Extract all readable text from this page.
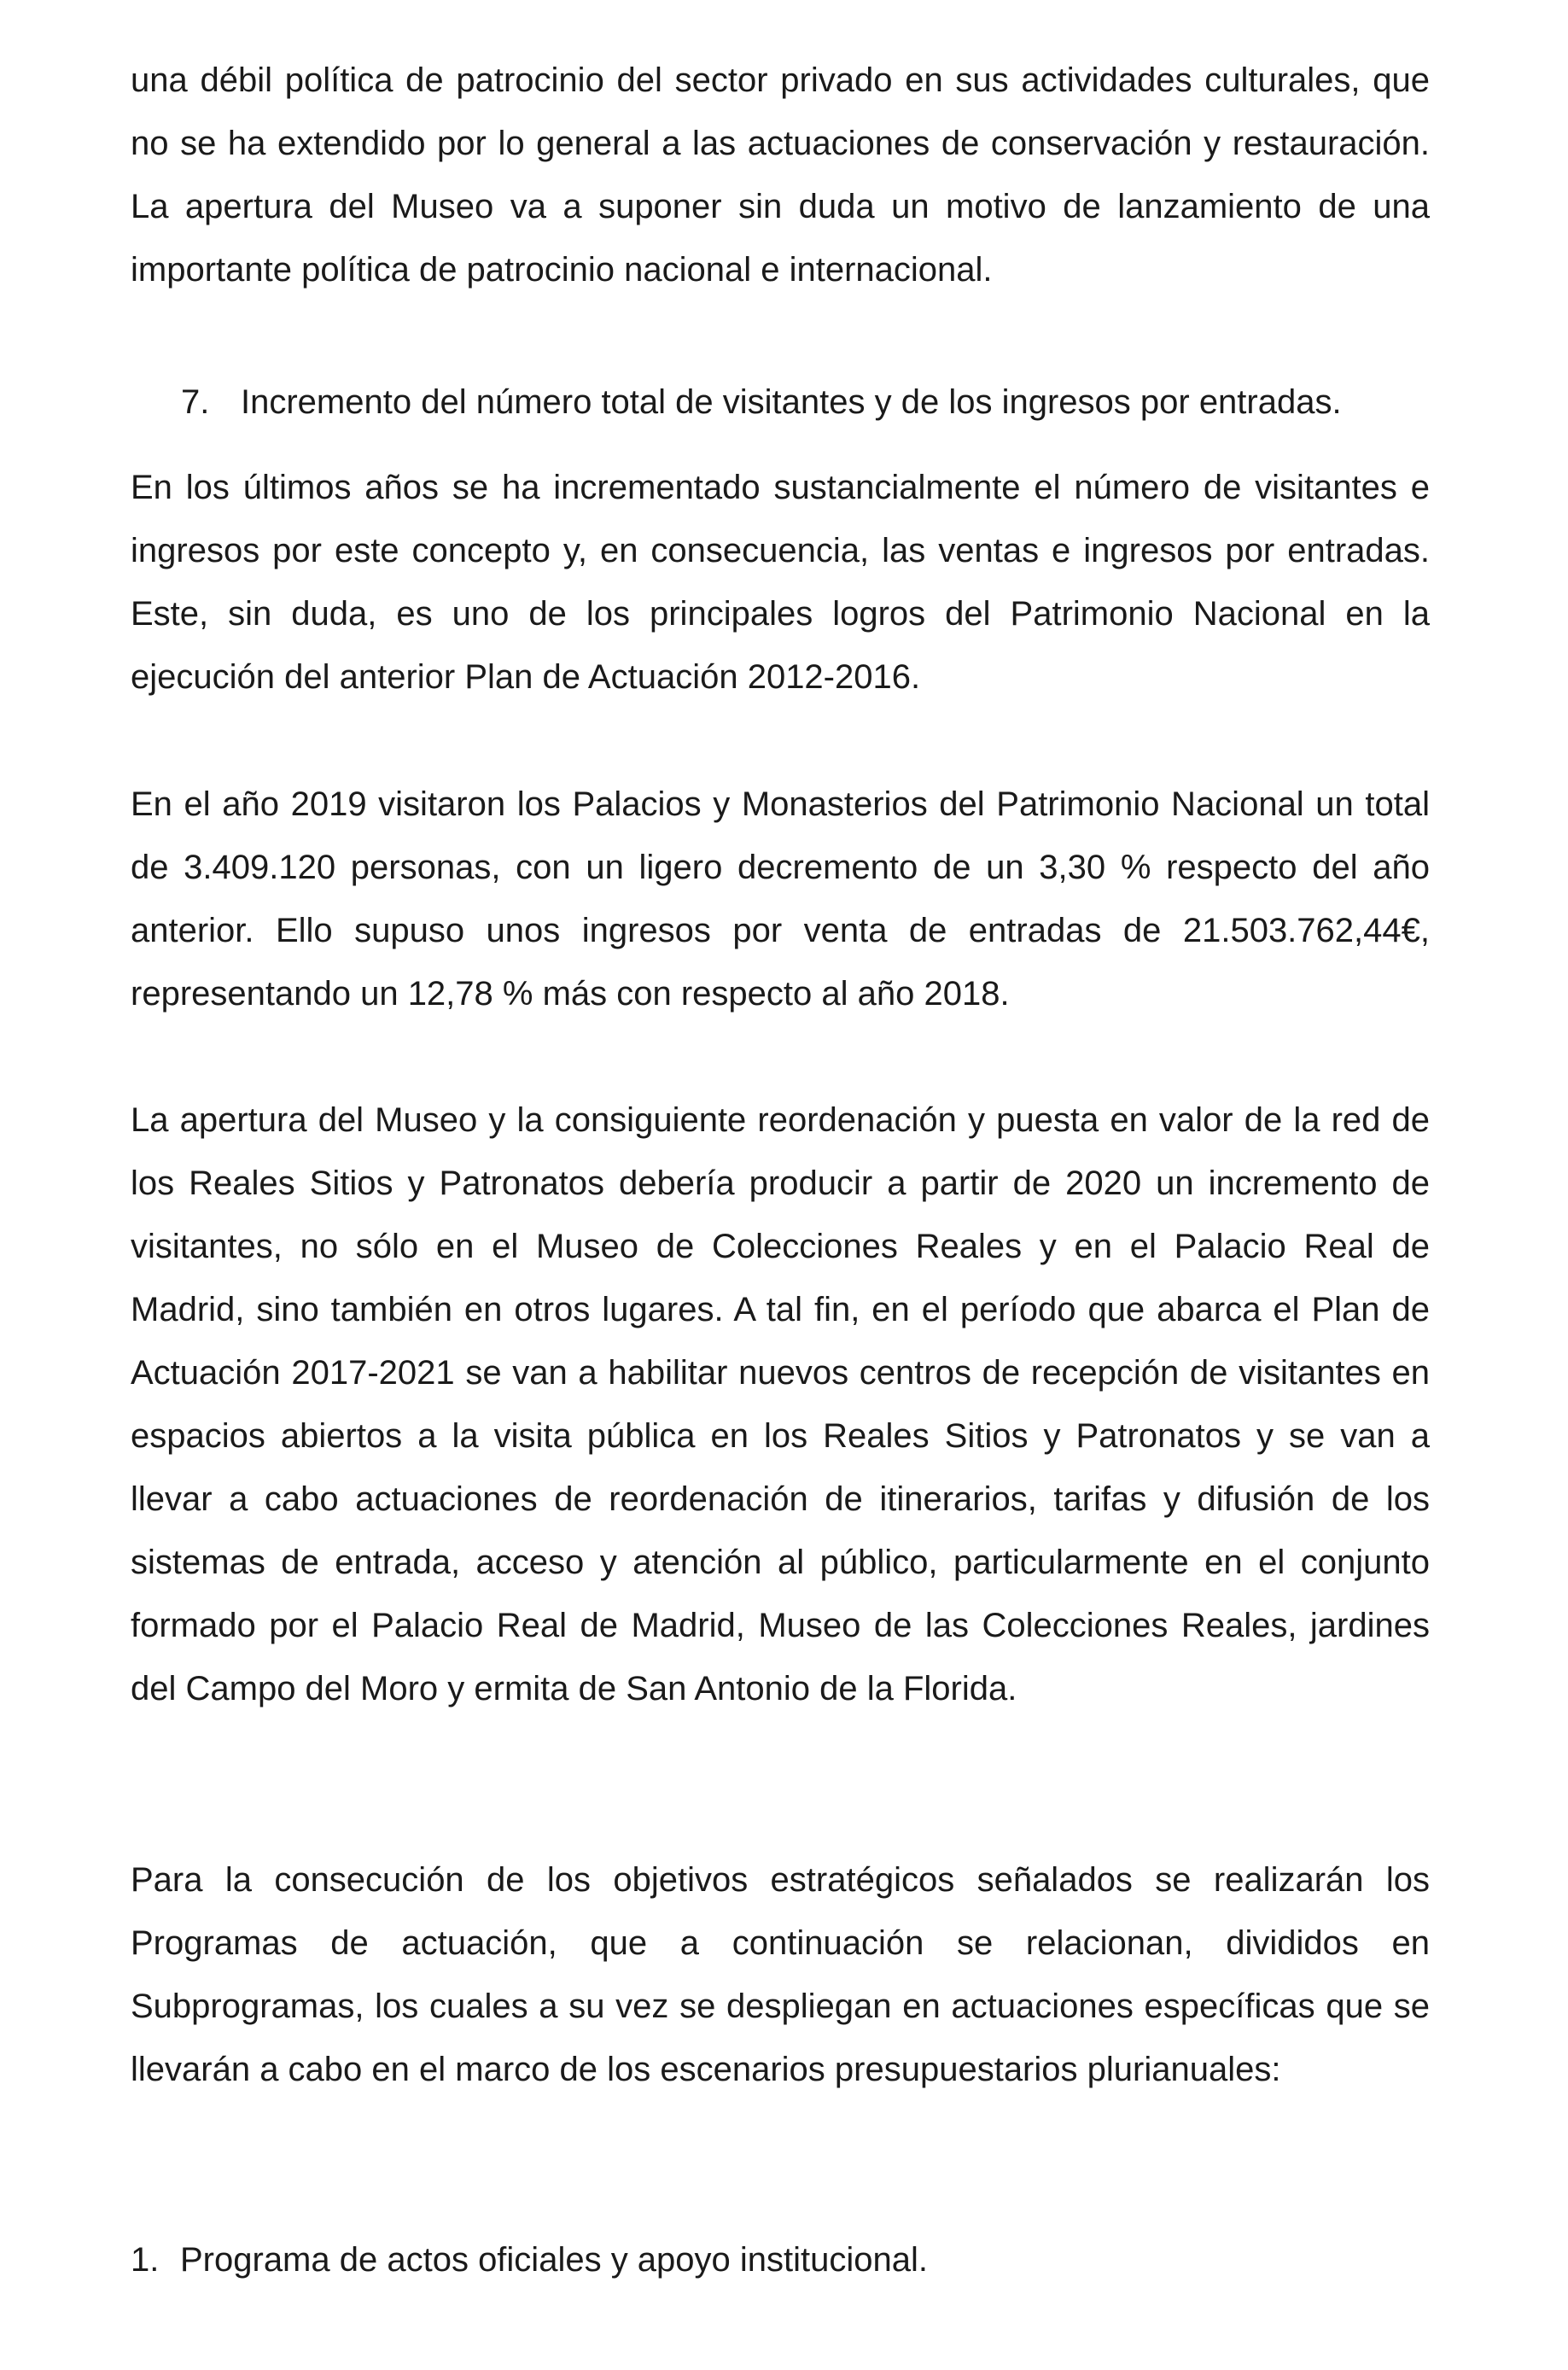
una débil política de patrocinio del sector privado en sus actividades culturales, que no se ha extendido por lo general a las actuaciones de conservación y restauración. La apertura del Museo va a suponer sin duda un motivo de lanzamiento de una importante política de patrocinio nacional e internacional.

7. Incremento del número total de visitantes y de los ingresos por entradas.

En los últimos años se ha incrementado sustancialmente el número de visitantes e ingresos por este concepto y, en consecuencia, las ventas e ingresos por entradas. Este, sin duda, es uno de los principales logros del Patrimonio Nacional en la ejecución del anterior Plan de Actuación 2012-2016.

En el año 2019 visitaron los Palacios y Monasterios del Patrimonio Nacional un total de 3.409.120 personas, con un ligero decremento de un 3,30 % respecto del año anterior. Ello supuso unos ingresos por venta de entradas de 21.503.762,44€, representando un 12,78 % más con respecto al año 2018.

La apertura del Museo y la consiguiente reordenación y puesta en valor de la red de los Reales Sitios y Patronatos debería producir a partir de 2020 un incremento de visitantes, no sólo en el Museo de Colecciones Reales y en el Palacio Real de Madrid, sino también en otros lugares. A tal fin, en el período que abarca el Plan de Actuación 2017-2021 se van a habilitar nuevos centros de recepción de visitantes en espacios abiertos a la visita pública en los Reales Sitios y Patronatos y se van a llevar a cabo actuaciones de reordenación de itinerarios, tarifas y difusión de los sistemas de entrada, acceso y atención al público, particularmente en el conjunto formado por el Palacio Real de Madrid, Museo de las Colecciones Reales, jardines del Campo del Moro y ermita de San Antonio de la Florida.

Para la consecución de los objetivos estratégicos señalados se realizarán los Programas de actuación, que a continuación se relacionan, divididos en Subprogramas, los cuales a su vez se despliegan en actuaciones específicas que se llevarán a cabo en el marco de los escenarios presupuestarios plurianuales:

1. Programa de actos oficiales y apoyo institucional.
